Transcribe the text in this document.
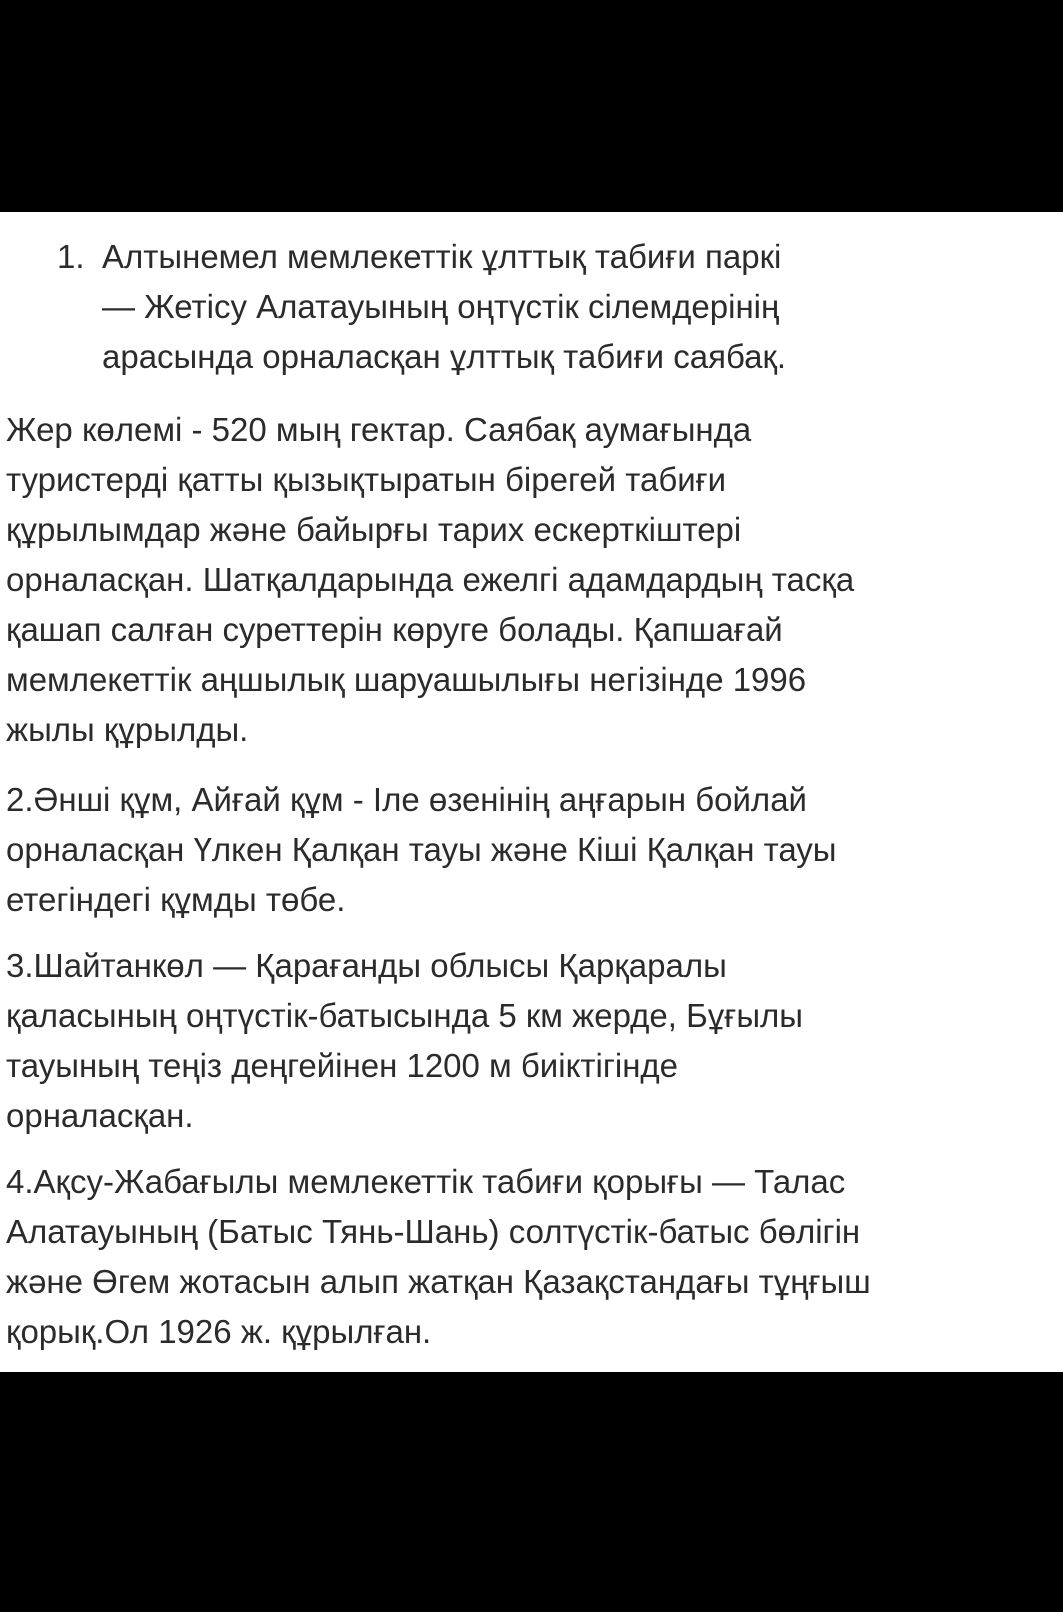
1. Алтынемел мемлекеттік ұлттық табиғи паркі
— Жетісу Алатауының оңтүстік сілемдерінің
арасында орналасқан ұлттық табиғи саябақ.

Жер көлемі - 520 мың гектар. Саябақ аумағында
туристерді қатты қызықтыратын бірегей табиғи
құрылымдар және байырғы тарих ескерткіштері
орналасқан. Шатқалдарында ежелгі адамдардың тасқа
қашап салған суреттерін көруге болады. Қапшағай
мемлекеттік аңшылық шаруашылығы негізінде 1996
жылы құрылды.

2.Әнші құм, Айғай құм - Іле өзенінің аңғарын бойлай
орналасқан Үлкен Қалқан тауы және Кіші Қалқан тауы
етегіндегі құмды төбе.

3.Шайтанкөл — Қарағанды облысы Қарқаралы
қаласының оңтүстік-батысында 5 км жерде, Бұғылы
тауының теңіз деңгейінен 1200 м биіктігінде
орналасқан.

4.Ақсу-Жабағылы мемлекеттік табиғи қорығы — Талас
Алатауының (Батыс Тянь-Шань) солтүстік-батыс бөлігін
және Өгем жотасын алып жатқан Қазақстандағы тұңғыш
қорық.Ол 1926 ж. құрылған.
